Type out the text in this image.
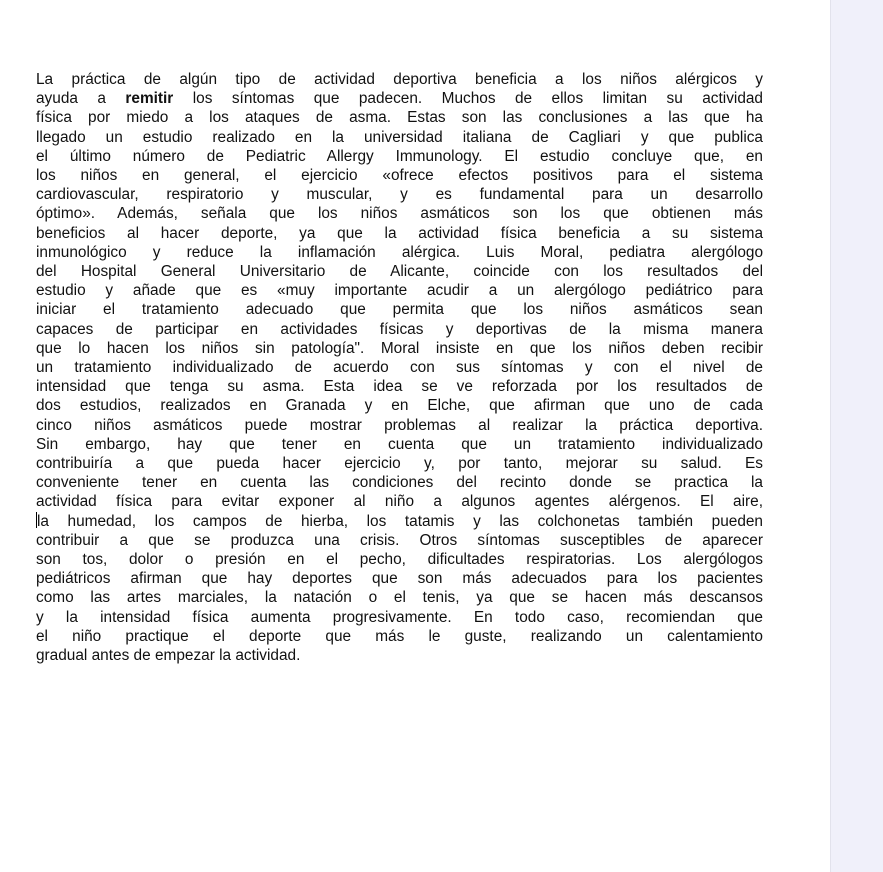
La práctica de algún tipo de actividad deportiva beneficia a los niños alérgicos y
ayuda a remitir los síntomas que padecen. Muchos de ellos limitan su actividad
física por miedo a los ataques de asma. Estas son las conclusiones a las que ha
llegado un estudio realizado en la universidad italiana de Cagliari y que publica
el último número de Pediatric Allergy Immunology. El estudio concluye que, en
los niños en general, el ejercicio «ofrece efectos positivos para el sistema
cardiovascular, respiratorio y muscular, y es fundamental para un desarrollo
óptimo». Además, señala que los niños asmáticos son los que obtienen más
beneficios al hacer deporte, ya que la actividad física beneficia a su sistema
inmunológico y reduce la inflamación alérgica. Luis Moral, pediatra alergólogo
del Hospital General Universitario de Alicante, coincide con los resultados del
estudio y añade que es «muy importante acudir a un alergólogo pediátrico para
iniciar el tratamiento adecuado que permita que los niños asmáticos sean
capaces de participar en actividades físicas y deportivas de la misma manera
que lo hacen los niños sin patología". Moral insiste en que los niños deben recibir
un tratamiento individualizado de acuerdo con sus síntomas y con el nivel de
intensidad que tenga su asma. Esta idea se ve reforzada por los resultados de
dos estudios, realizados en Granada y en Elche, que afirman que uno de cada
cinco niños asmáticos puede mostrar problemas al realizar la práctica deportiva.
Sin embargo, hay que tener en cuenta que un tratamiento individualizado
contribuiría a que pueda hacer ejercicio y, por tanto, mejorar su salud. Es
conveniente tener en cuenta las condiciones del recinto donde se practica la
actividad física para evitar exponer al niño a algunos agentes alérgenos. El aire,
la humedad, los campos de hierba, los tatamis y las colchonetas también pueden
contribuir a que se produzca una crisis. Otros síntomas susceptibles de aparecer
son tos, dolor o presión en el pecho, dificultades respiratorias. Los alergólogos
pediátricos afirman que hay deportes que son más adecuados para los pacientes
como las artes marciales, la natación o el tenis, ya que se hacen más descansos
y la intensidad física aumenta progresivamente. En todo caso, recomiendan que
el niño practique el deporte que más le guste, realizando un calentamiento
gradual antes de empezar la actividad.
